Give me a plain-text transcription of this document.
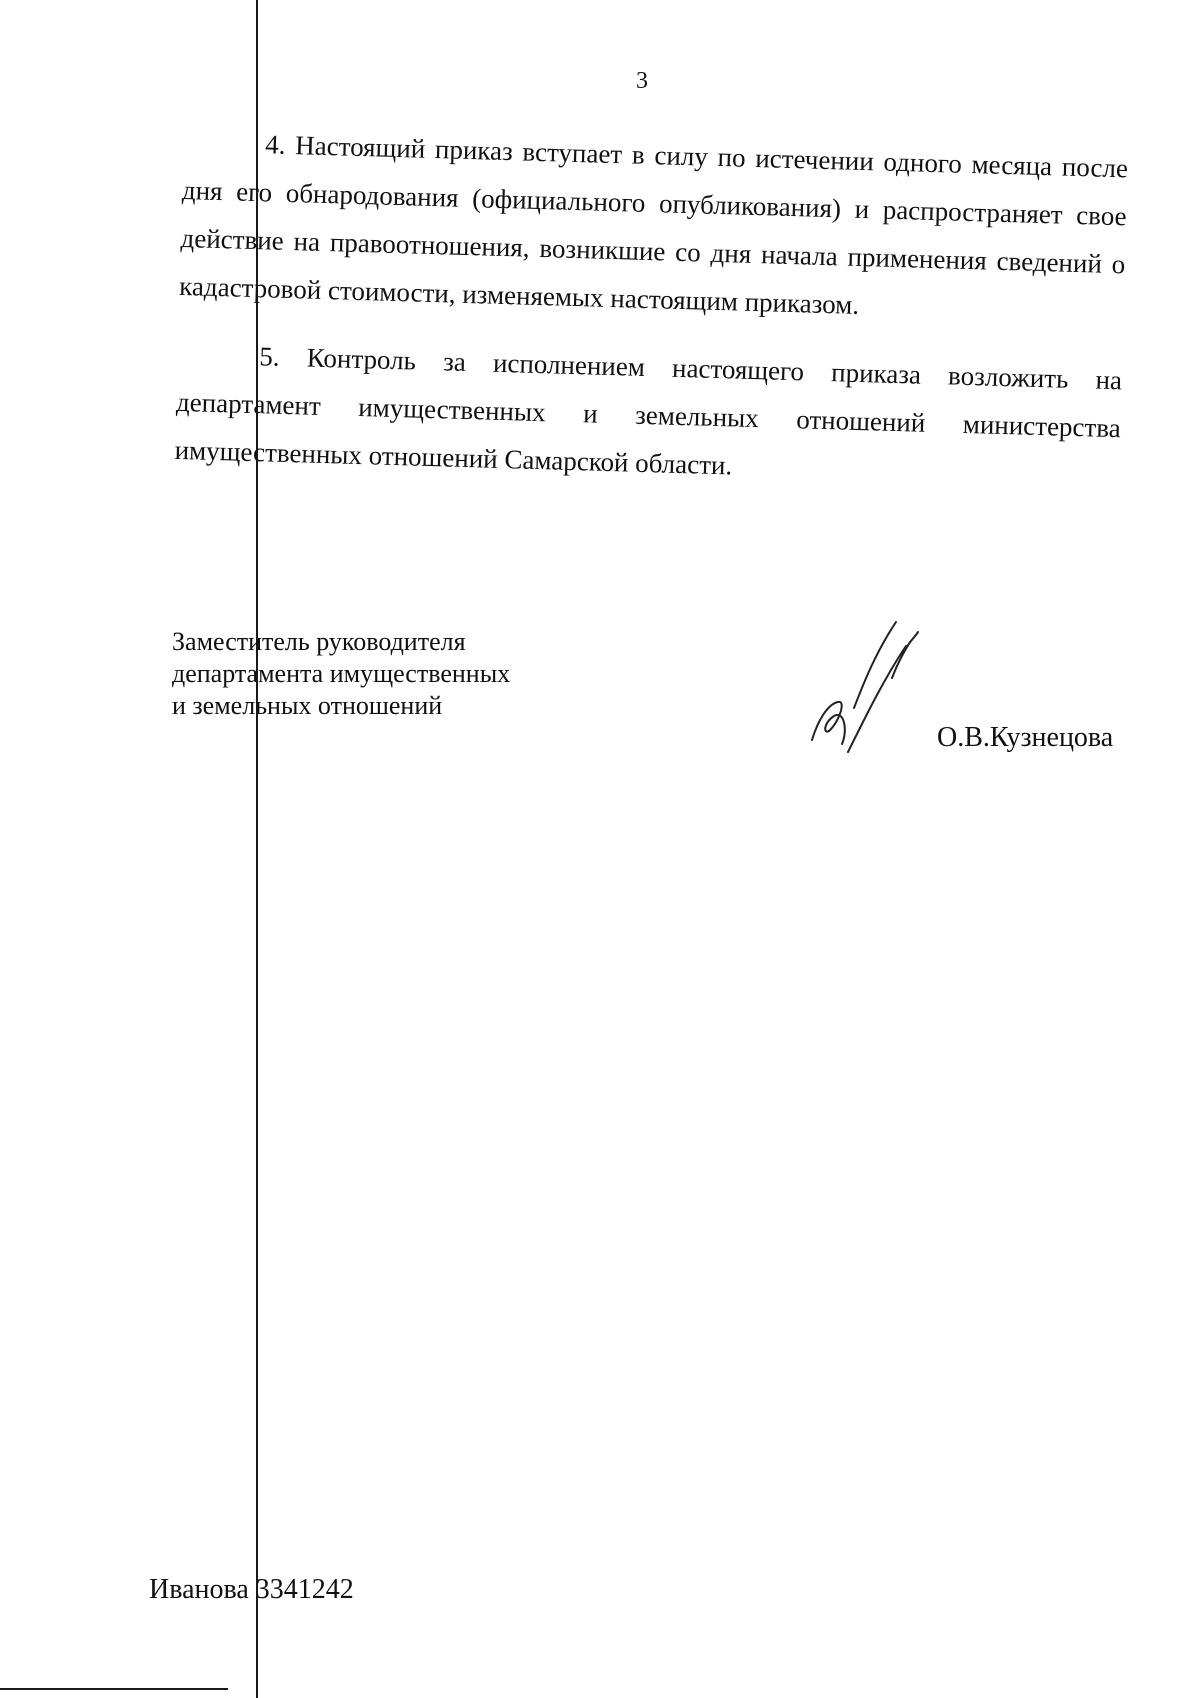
3

4. Настоящий приказ вступает в силу по истечении одного месяца после дня его обнародования (официального опубликования) и распространяет свое действие на правоотношения, возникшие со дня начала применения сведений о кадастровой стоимости, изменяемых настоящим приказом.

5. Контроль за исполнением настоящего приказа возложить на департамент имущественных и земельных отношений министерства имущественных отношений Самарской области.

Заместитель руководителя
департамента имущественных
и земельных отношений
О.В.Кузнецова
Иванова 3341242
